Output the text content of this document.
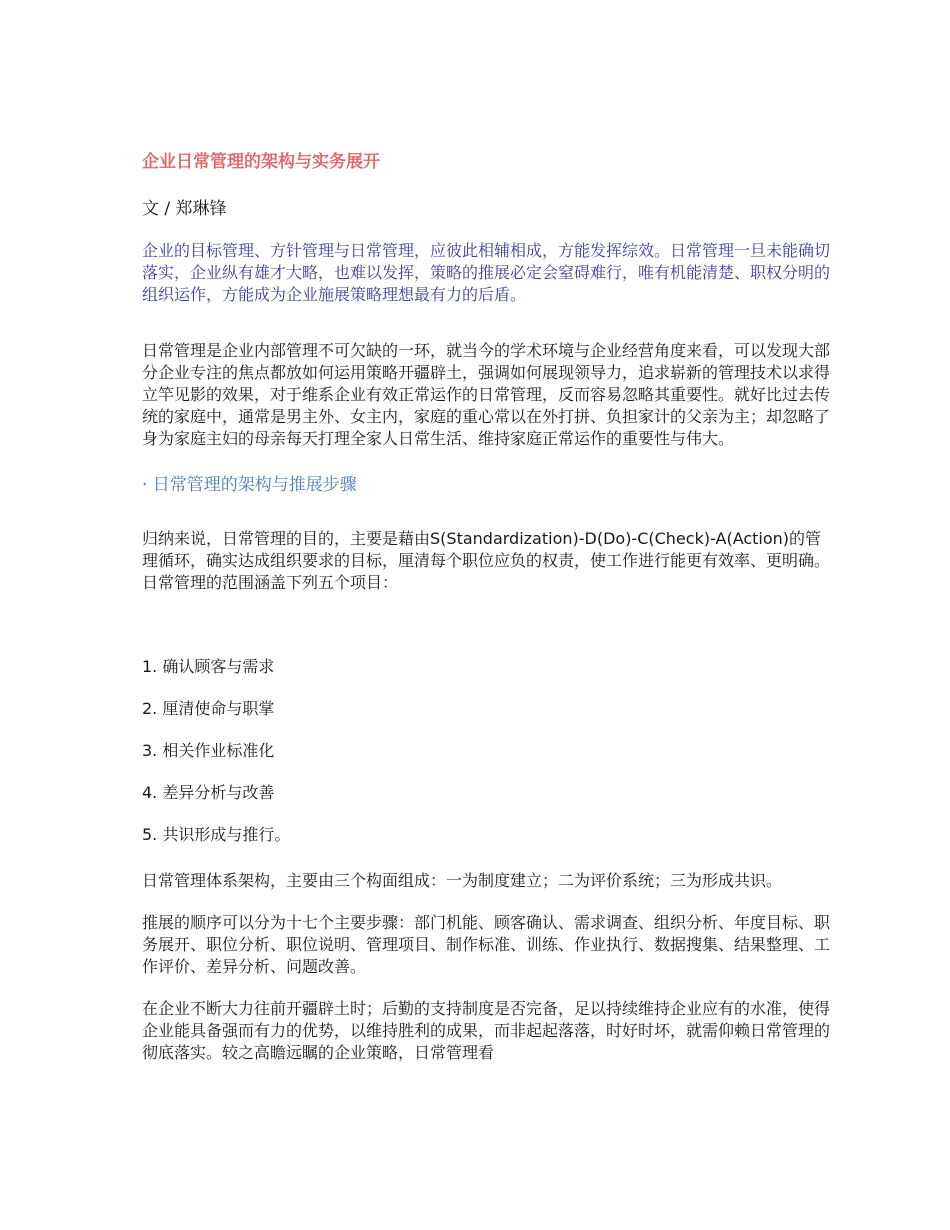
企业日常管理的架构与实务展开
文 / 郑琳锋

企业的目标管理、方针管理与日常管理，应彼此相辅相成，方能发挥综效。日常管理一旦未能确切落实，企业纵有雄才大略，也难以发挥，策略的推展必定会窒碍难行，唯有机能清楚、职权分明的组织运作，方能成为企业施展策略理想最有力的后盾。

日常管理是企业内部管理不可欠缺的一环，就当今的学术环境与企业经营角度来看，可以发现大部分企业专注的焦点都放如何运用策略开疆辟土，强调如何展现领导力，追求崭新的管理技术以求得立竿见影的效果，对于维系企业有效正常运作的日常管理，反而容易忽略其重要性。就好比过去传统的家庭中，通常是男主外、女主内，家庭的重心常以在外打拼、负担家计的父亲为主；却忽略了身为家庭主妇的母亲每天打理全家人日常生活、维持家庭正常运作的重要性与伟大。

· 日常管理的架构与推展步骤

归纳来说，日常管理的目的，主要是藉由S(Standardization)-D(Do)-C(Check)-A(Action)的管理循环，确实达成组织要求的目标，厘清每个职位应负的权责，使工作进行能更有效率、更明确。日常管理的范围涵盖下列五个项目：

1. 确认顾客与需求
2. 厘清使命与职掌
3. 相关作业标准化
4. 差异分析与改善
5. 共识形成与推行。

日常管理体系架构，主要由三个构面组成：一为制度建立；二为评价系统；三为形成共识。

推展的顺序可以分为十七个主要步骤：部门机能、顾客确认、需求调查、组织分析、年度目标、职务展开、职位分析、职位说明、管理项目、制作标准、训练、作业执行、数据搜集、结果整理、工作评价、差异分析、问题改善。

在企业不断大力往前开疆辟土时；后勤的支持制度是否完备，足以持续维持企业应有的水准，使得企业能具备强而有力的优势，以维持胜利的成果，而非起起落落，时好时坏，就需仰赖日常管理的彻底落实。较之高瞻远瞩的企业策略，日常管理看
